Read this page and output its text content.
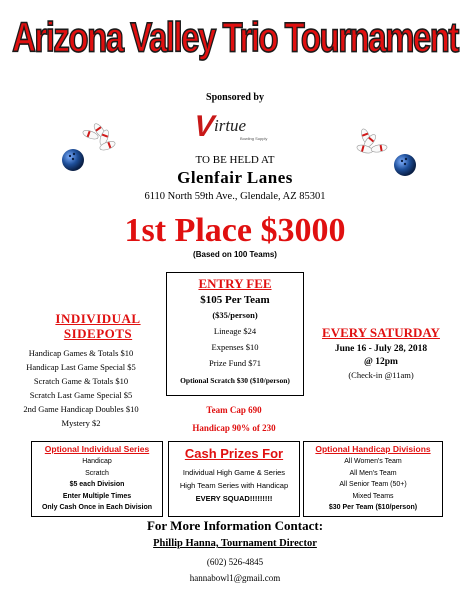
Arizona Valley Trio Tournament
Sponsored by
V
irtue
Bowling Supply
TO BE HELD AT
Glenfair Lanes
6110 North 59th Ave., Glendale, AZ 85301
1st Place $3000
(Based on 100 Teams)
ENTRY FEE
$105 Per Team
($35/person)
Lineage $24
Expenses $10
Prize Fund $71
Optional Scratch $30 ($10/person)
INDIVIDUAL
SIDEPOTS
Handicap Games & Totals $10
Handicap Last Game Special $5
Scratch Game & Totals $10
Scratch Last Game Special $5
2nd Game Handicap Doubles $10
Mystery $2
EVERY SATURDAY
June 16 - July 28, 2018
@ 12pm
(Check-in @11am)
Team Cap 690
Handicap 90% of 230
Optional Individual Series
Handicap
Scratch
$5 each Division
Enter Multiple Times
Only Cash Once in Each Division
Cash Prizes For
Individual High Game & Series
High Team Series with Handicap
EVERY SQUAD!!!!!!!!!
Optional Handicap Divisions
All Women's Team
All Men's Team
All Senior Team (50+)
Mixed Teams
$30 Per Team ($10/person)
For More Information Contact:
Phillip Hanna, Tournament Director
(602) 526-4845
hannabowl1@gmail.com
